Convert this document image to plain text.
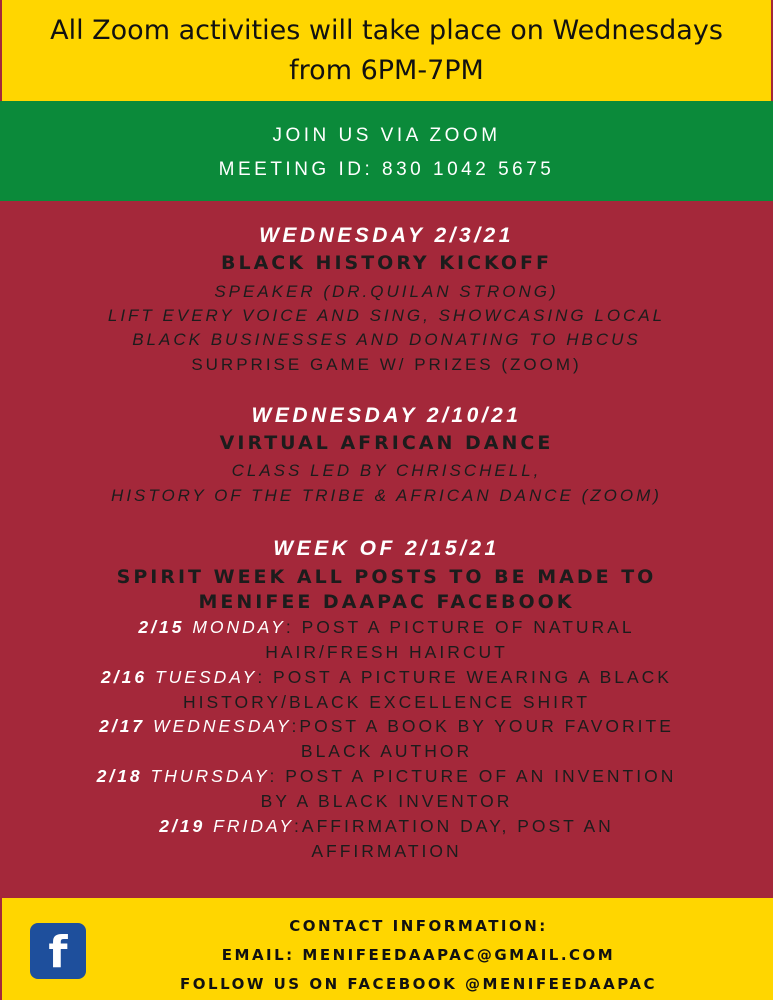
All Zoom activities will take place on Wednesdays
from 6PM-7PM
JOIN US VIA ZOOM
MEETING ID: 830 1042 5675
WEDNESDAY 2/3/21
BLACK HISTORY KICKOFF
SPEAKER (DR.QUILAN STRONG)
LIFT EVERY VOICE AND SING, SHOWCASING LOCAL
BLACK BUSINESSES AND DONATING TO HBCUS
SURPRISE GAME W/ PRIZES (ZOOM)
WEDNESDAY 2/10/21
VIRTUAL AFRICAN DANCE
CLASS LED BY CHRISCHELL,
HISTORY OF THE TRIBE & AFRICAN DANCE (ZOOM)
WEEK OF 2/15/21
SPIRIT WEEK ALL POSTS TO BE MADE TO
MENIFEE DAAPAC FACEBOOK
2/15 MONDAY: POST A PICTURE OF NATURAL
HAIR/FRESH HAIRCUT
2/16 TUESDAY: POST A PICTURE WEARING A BLACK
HISTORY/BLACK EXCELLENCE SHIRT
2/17 WEDNESDAY:POST A BOOK BY YOUR FAVORITE
BLACK AUTHOR
2/18 THURSDAY: POST A PICTURE OF AN INVENTION
BY A BLACK INVENTOR
2/19 FRIDAY:AFFIRMATION DAY, POST AN
AFFIRMATION
f
CONTACT INFORMATION:
EMAIL: MENIFEEDAAPAC@GMAIL.COM
FOLLOW US ON FACEBOOK @MENIFEEDAAPAC
